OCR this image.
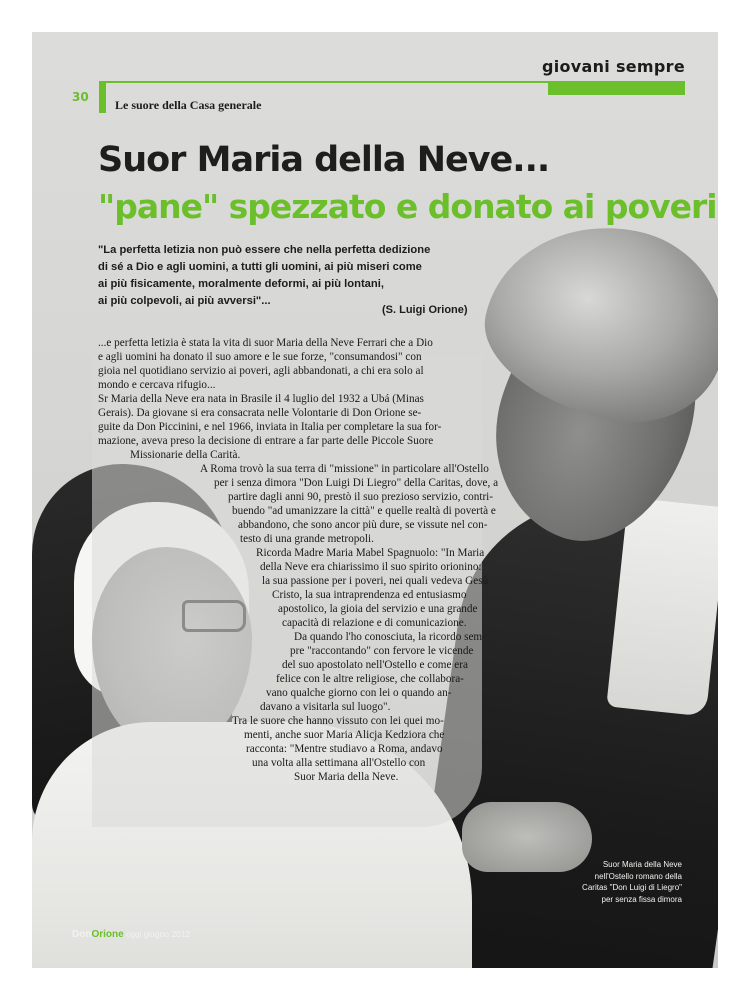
giovani sempre
30
Le suore della Casa generale
Suor Maria della Neve...
"pane" spezzato e donato ai poveri
"La perfetta letizia non può essere che nella perfetta dedizione
di sé a Dio e agli uomini, a tutti gli uomini, ai più miseri come
ai più fisicamente, moralmente deformi, ai più lontani,
ai più colpevoli, ai più avversi"...
(S. Luigi Orione)
...e perfetta letizia è stata la vita di suor Maria della Neve Ferrari che a Dio
e agli uomini ha donato il suo amore e le sue forze, "consumandosi" con
gioia nel quotidiano servizio ai poveri, agli abbandonati, a chi era solo al
mondo e cercava rifugio...
Sr Maria della Neve era nata in Brasile il 4 luglio del 1932 a Ubá (Minas
Gerais). Da giovane si era consacrata nelle Volontarie di Don Orione se-
guite da Don Piccinini, e nel 1966, inviata in Italia per completare la sua for-
mazione, aveva preso la decisione di entrare a far parte delle Piccole Suore
Missionarie della Carità.
A Roma trovò la sua terra di "missione" in particolare all'Ostello
per i senza dimora "Don Luigi Di Liegro" della Caritas, dove, a
partire dagli anni 90, prestò il suo prezioso servizio, contri-
buendo "ad umanizzare la città" e quelle realtà di povertà e
abbandono, che sono ancor più dure, se vissute nel con-
testo di una grande metropoli.
Ricorda Madre Maria Mabel Spagnuolo: "In Maria
della Neve era chiarissimo il suo spirito orionino:
la sua passione per i poveri, nei quali vedeva Gesù
Cristo, la sua intraprendenza ed entusiasmo
apostolico, la gioia del servizio e una grande
capacità di relazione e di comunicazione.
Da quando l'ho conosciuta, la ricordo sem-
pre "raccontando" con fervore le vicende
del suo apostolato nell'Ostello e come era
felice con le altre religiose, che collabora-
vano qualche giorno con lei o quando an-
davano a visitarla sul luogo".
Tra le suore che hanno vissuto con lei quei mo-
menti, anche suor Maria Alicja Kedziora che
racconta: "Mentre studiavo a Roma, andavo
una volta alla settimana all'Ostello con
Suor Maria della Neve.
Suor Maria della Neve
nell'Ostello romano della
Caritas "Don Luigi di Liegro"
per senza fissa dimora
DonOrione oggi giugno 2012
